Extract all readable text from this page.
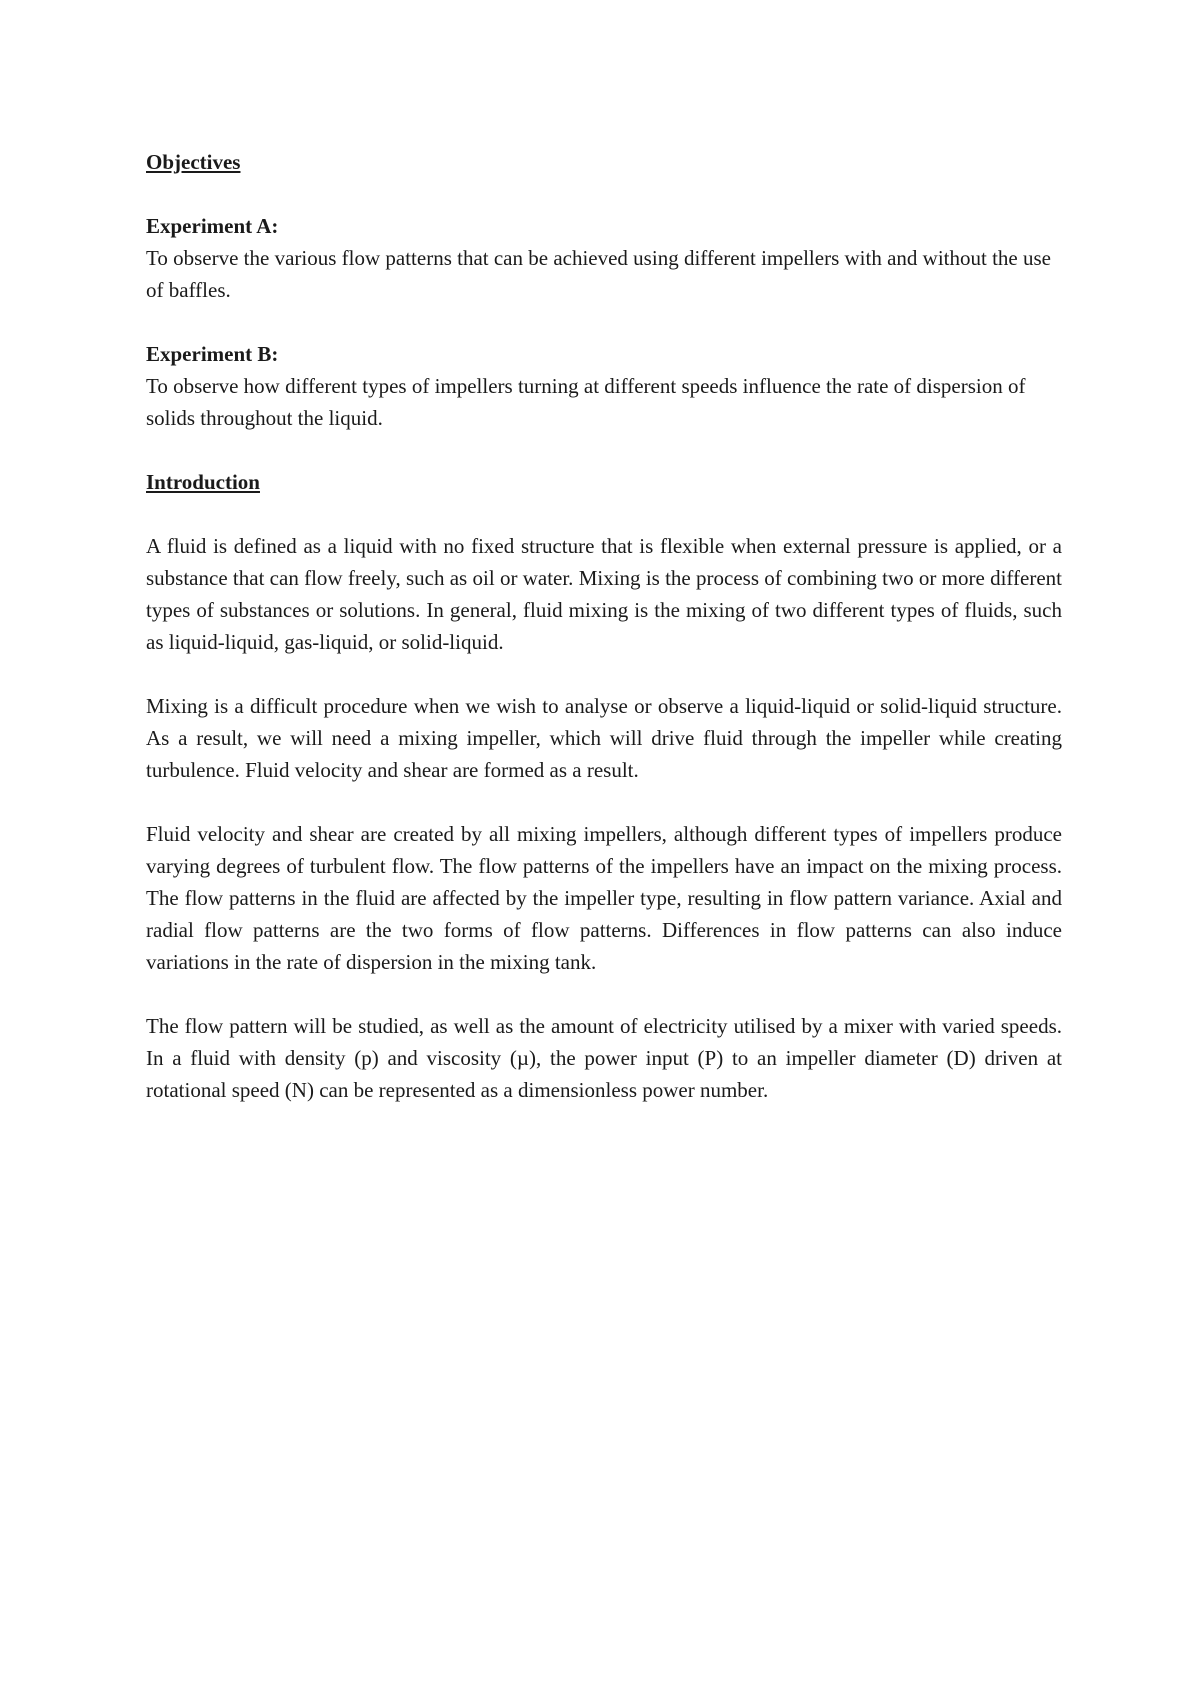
Objectives

Experiment A:

To observe the various flow patterns that can be achieved using different impellers with and without the use of baffles.

Experiment B:

To observe how different types of impellers turning at different speeds influence the rate of dispersion of solids throughout the liquid.

Introduction

A fluid is defined as a liquid with no fixed structure that is flexible when external pressure is applied, or a substance that can flow freely, such as oil or water. Mixing is the process of combining two or more different types of substances or solutions. In general, fluid mixing is the mixing of two different types of fluids, such as liquid-liquid, gas-liquid, or solid-liquid.

Mixing is a difficult procedure when we wish to analyse or observe a liquid-liquid or solid-liquid structure. As a result, we will need a mixing impeller, which will drive fluid through the impeller while creating turbulence. Fluid velocity and shear are formed as a result.

Fluid velocity and shear are created by all mixing impellers, although different types of impellers produce varying degrees of turbulent flow. The flow patterns of the impellers have an impact on the mixing process. The flow patterns in the fluid are affected by the impeller type, resulting in flow pattern variance. Axial and radial flow patterns are the two forms of flow patterns. Differences in flow patterns can also induce variations in the rate of dispersion in the mixing tank.

The flow pattern will be studied, as well as the amount of electricity utilised by a mixer with varied speeds. In a fluid with density (p) and viscosity (µ), the power input (P) to an impeller diameter (D) driven at rotational speed (N) can be represented as a dimensionless power number.
